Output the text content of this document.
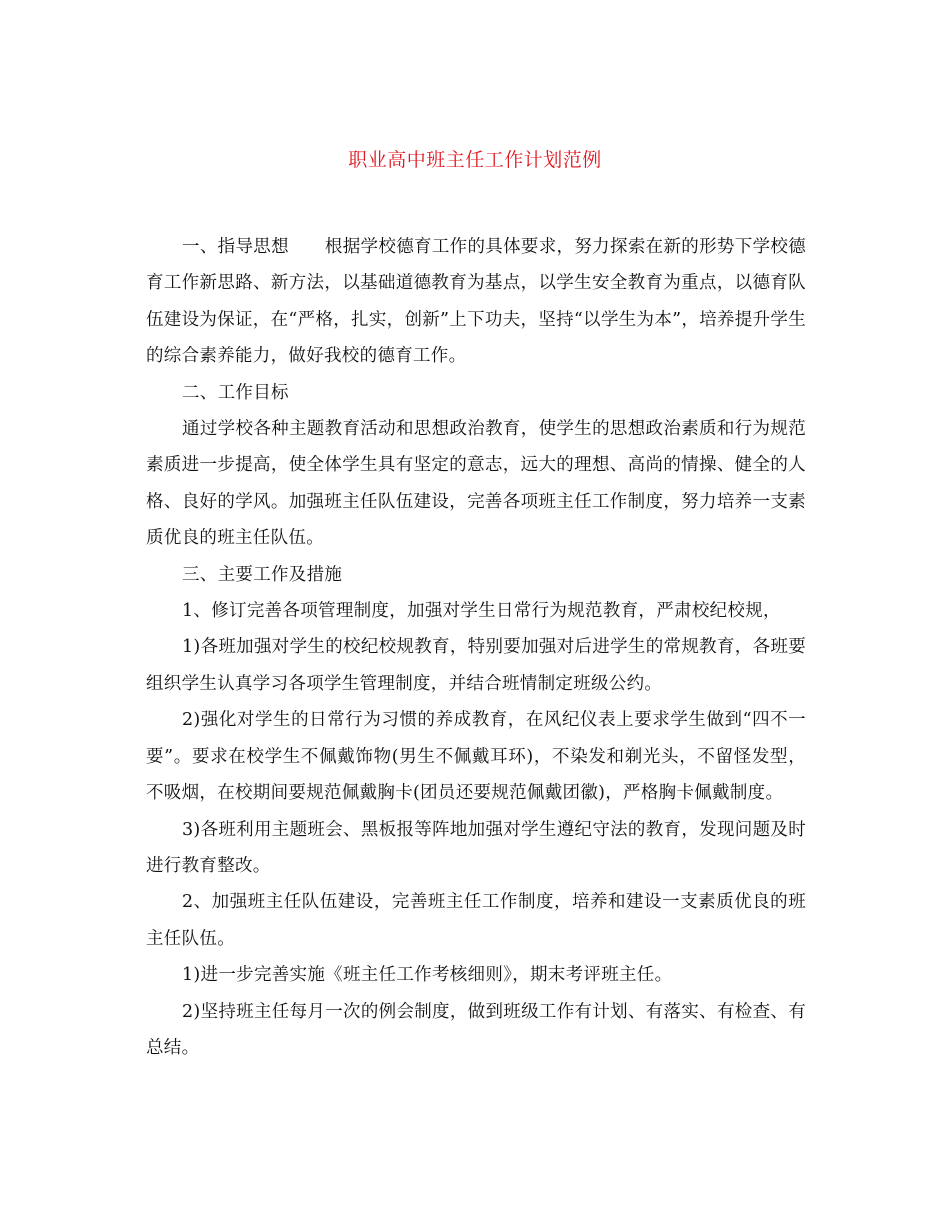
职业高中班主任工作计划范例

一、指导思想 根据学校德育工作的具体要求，努力探索在新的形势下学校德育工作新思路、新方法，以基础道德教育为基点，以学生安全教育为重点，以德育队伍建设为保证，在“严格，扎实，创新”上下功夫，坚持“以学生为本”，培养提升学生的综合素养能力，做好我校的德育工作。

二、工作目标

通过学校各种主题教育活动和思想政治教育，使学生的思想政治素质和行为规范素质进一步提高，使全体学生具有坚定的意志，远大的理想、高尚的情操、健全的人格、良好的学风。加强班主任队伍建设，完善各项班主任工作制度，努力培养一支素质优良的班主任队伍。

三、主要工作及措施

1、修订完善各项管理制度，加强对学生日常行为规范教育，严肃校纪校规，

1)各班加强对学生的校纪校规教育，特别要加强对后进学生的常规教育，各班要组织学生认真学习各项学生管理制度，并结合班情制定班级公约。

2)强化对学生的日常行为习惯的养成教育，在风纪仪表上要求学生做到“四不一要”。要求在校学生不佩戴饰物(男生不佩戴耳环)，不染发和剃光头，不留怪发型，不吸烟，在校期间要规范佩戴胸卡(团员还要规范佩戴团徽)，严格胸卡佩戴制度。

3)各班利用主题班会、黑板报等阵地加强对学生遵纪守法的教育，发现问题及时进行教育整改。

2、加强班主任队伍建设，完善班主任工作制度，培养和建设一支素质优良的班主任队伍。

1)进一步完善实施《班主任工作考核细则》，期末考评班主任。

2)坚持班主任每月一次的例会制度，做到班级工作有计划、有落实、有检查、有总结。
